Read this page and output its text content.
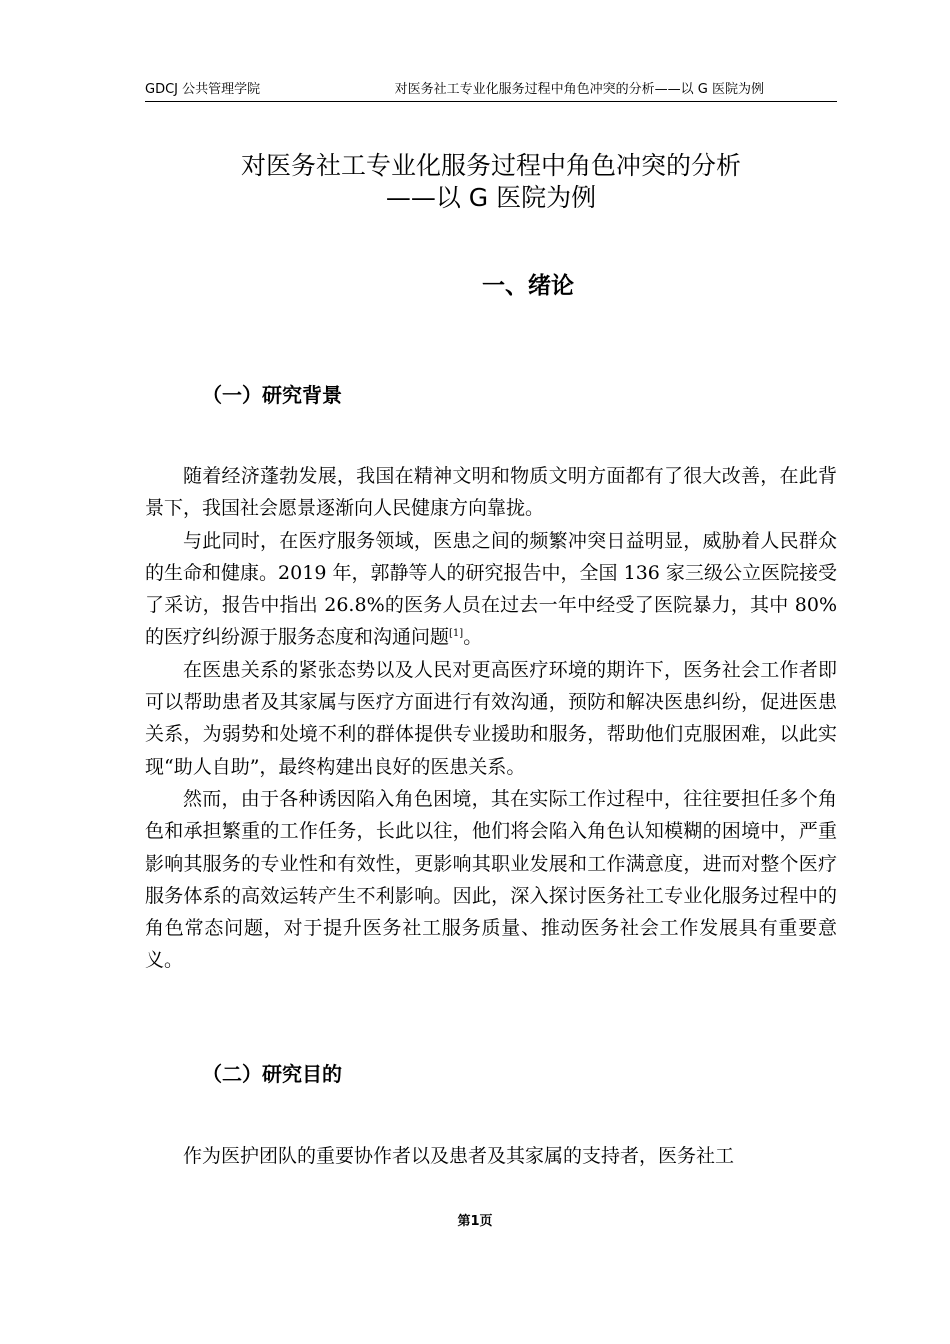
GDCJ 公共管理学院	对医务社工专业化服务过程中角色冲突的分析——以 G 医院为例
对医务社工专业化服务过程中角色冲突的分析
——以 G 医院为例
一、绪论
（一）研究背景

随着经济蓬勃发展，我国在精神文明和物质文明方面都有了很大改善，在此背景下，我国社会愿景逐渐向人民健康方向靠拢。

与此同时，在医疗服务领域，医患之间的频繁冲突日益明显，威胁着人民群众的生命和健康。2019 年，郭静等人的研究报告中，全国 136 家三级公立医院接受了采访，报告中指出 26.8%的医务人员在过去一年中经受了医院暴力，其中 80%的医疗纠纷源于服务态度和沟通问题[1]。

在医患关系的紧张态势以及人民对更高医疗环境的期许下，医务社会工作者即可以帮助患者及其家属与医疗方面进行有效沟通，预防和解决医患纠纷，促进医患关系，为弱势和处境不利的群体提供专业援助和服务，帮助他们克服困难，以此实现“助人自助”，最终构建出良好的医患关系。

然而，由于各种诱因陷入角色困境，其在实际工作过程中，往往要担任多个角色和承担繁重的工作任务，长此以往，他们将会陷入角色认知模糊的困境中，严重影响其服务的专业性和有效性，更影响其职业发展和工作满意度，进而对整个医疗服务体系的高效运转产生不利影响。因此，深入探讨医务社工专业化服务过程中的角色常态问题，对于提升医务社工服务质量、推动医务社会工作发展具有重要意义。

（二）研究目的

作为医护团队的重要协作者以及患者及其家属的支持者，医务社工

第1页
